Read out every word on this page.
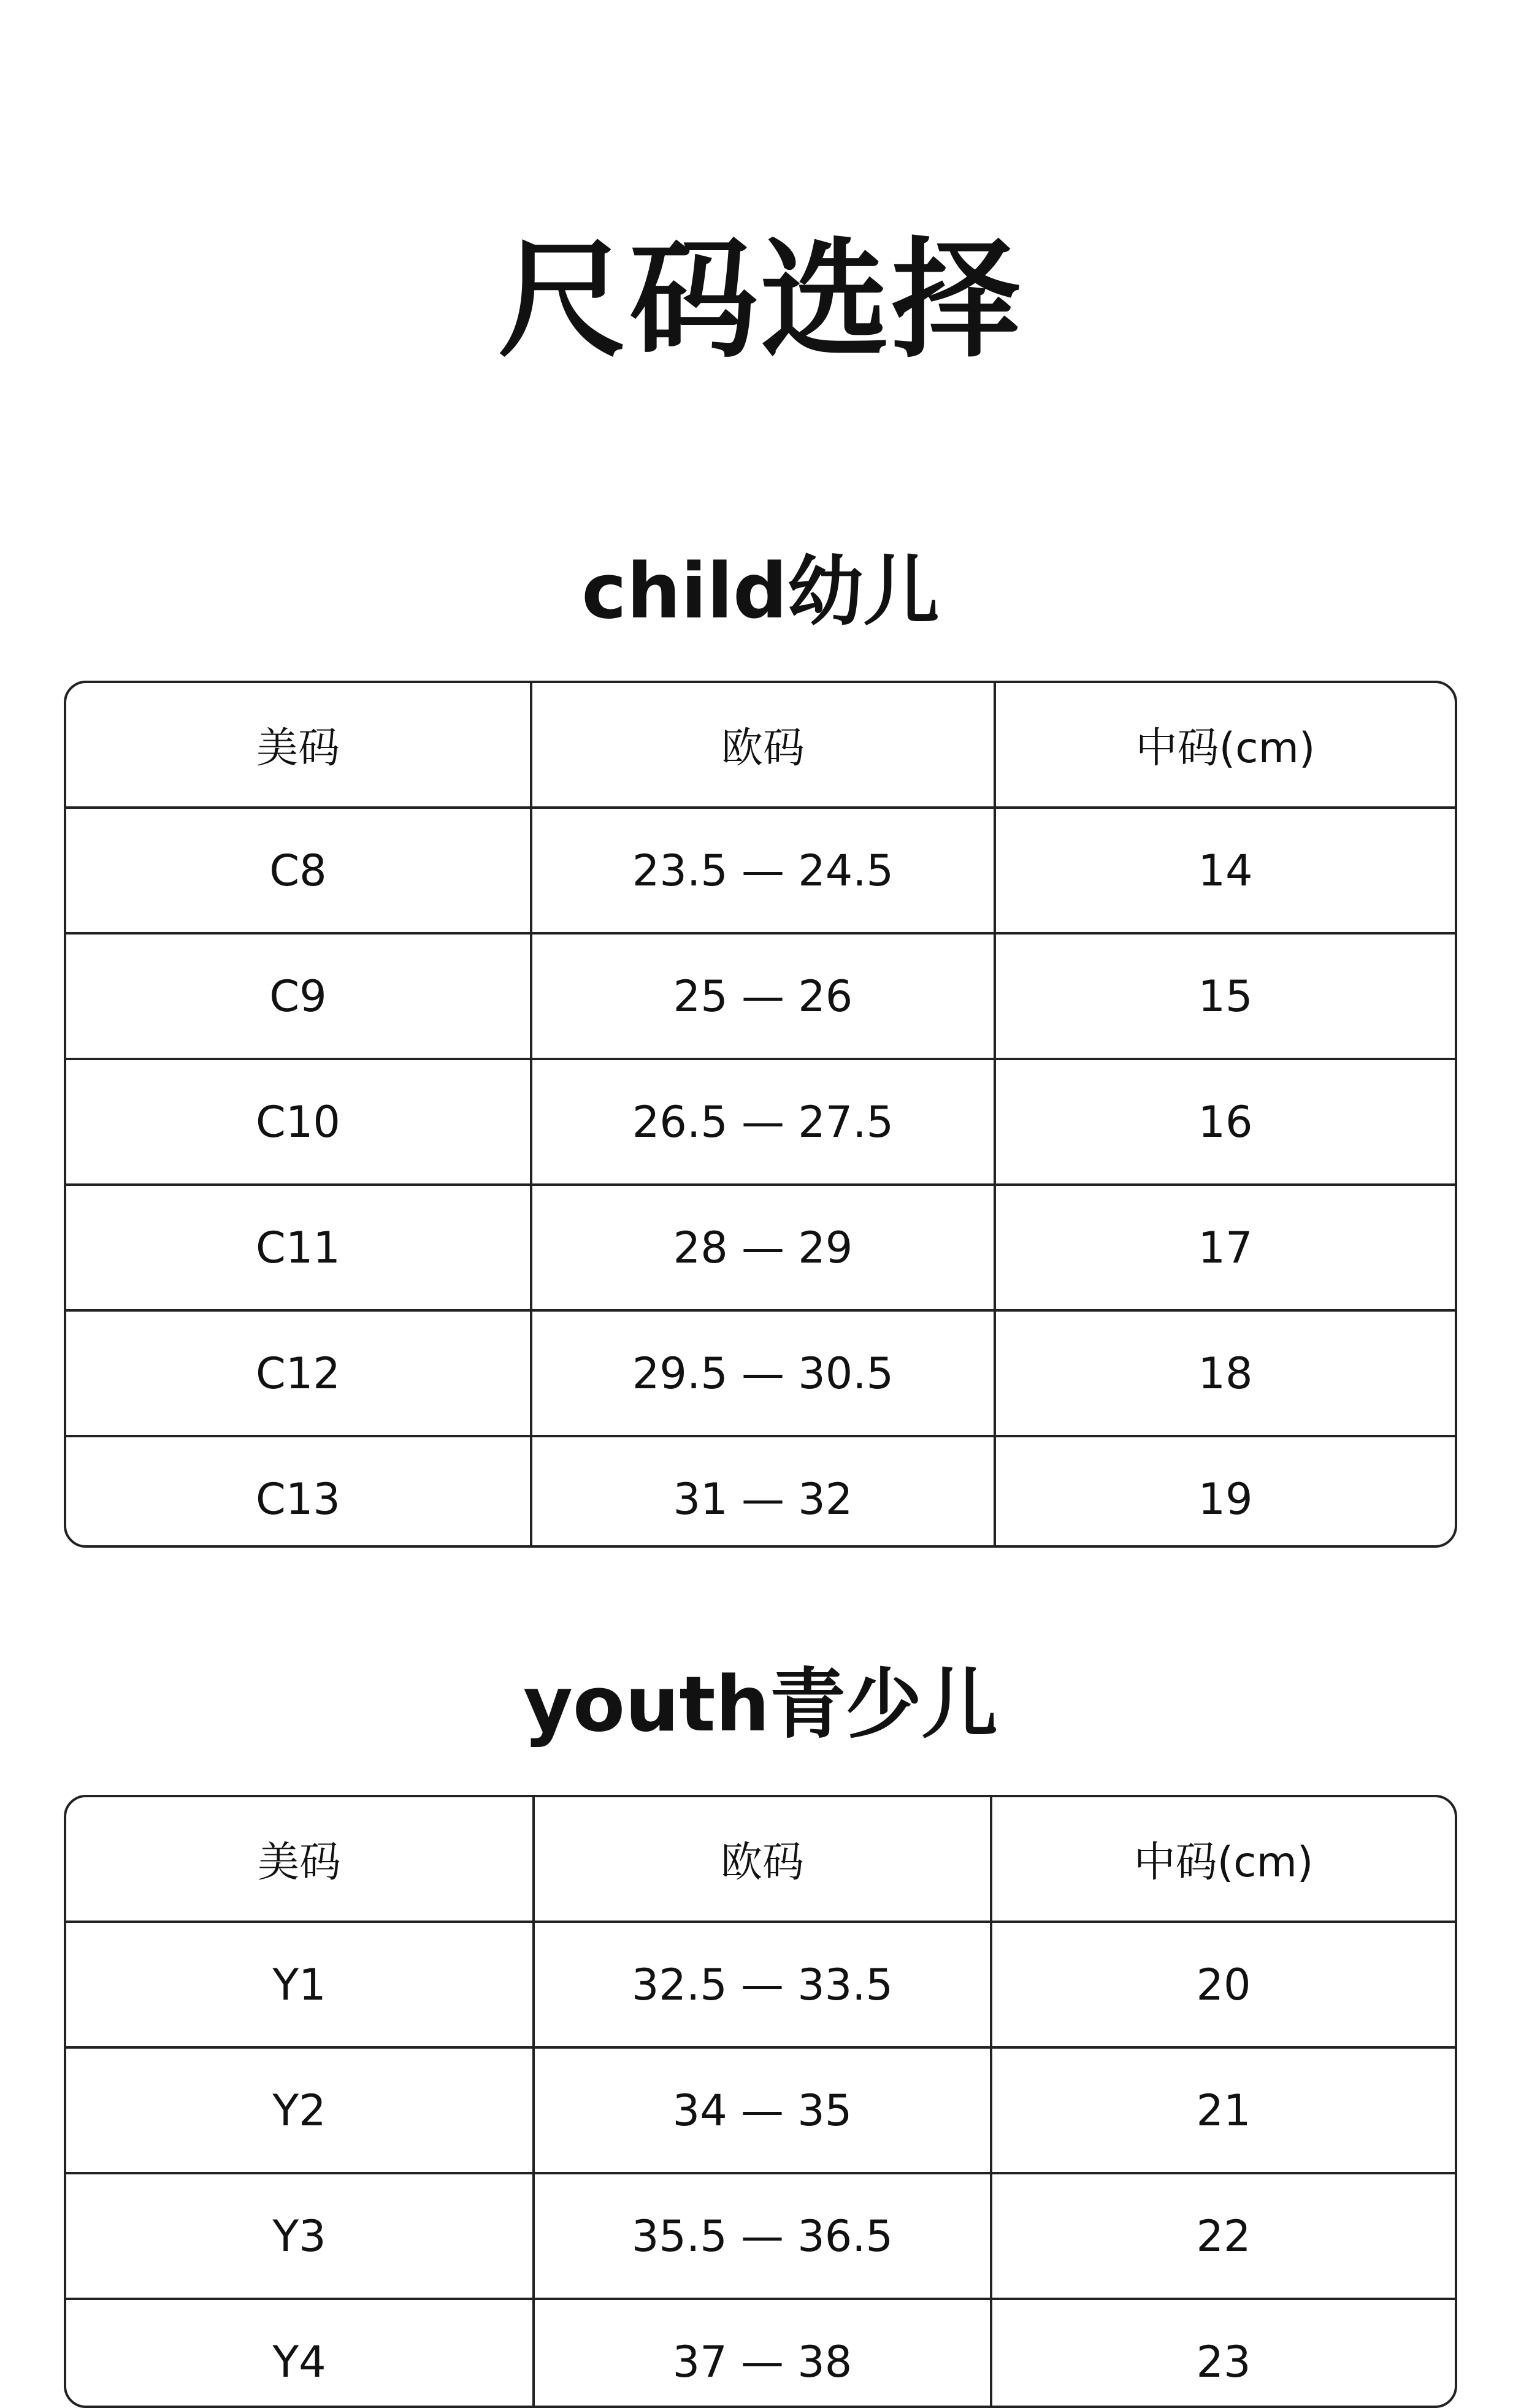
尺码选择
child幼儿
美码	欧码	中码(cm)
C8	23.5 — 24.5	14
C9	25 — 26	15
C10	26.5 — 27.5	16
C11	28 — 29	17
C12	29.5 — 30.5	18
C13	31 — 32	19
youth青少儿
美码	欧码	中码(cm)
Y1	32.5 — 33.5	20
Y2	34 — 35	21
Y3	35.5 — 36.5	22
Y4	37 — 38	23
